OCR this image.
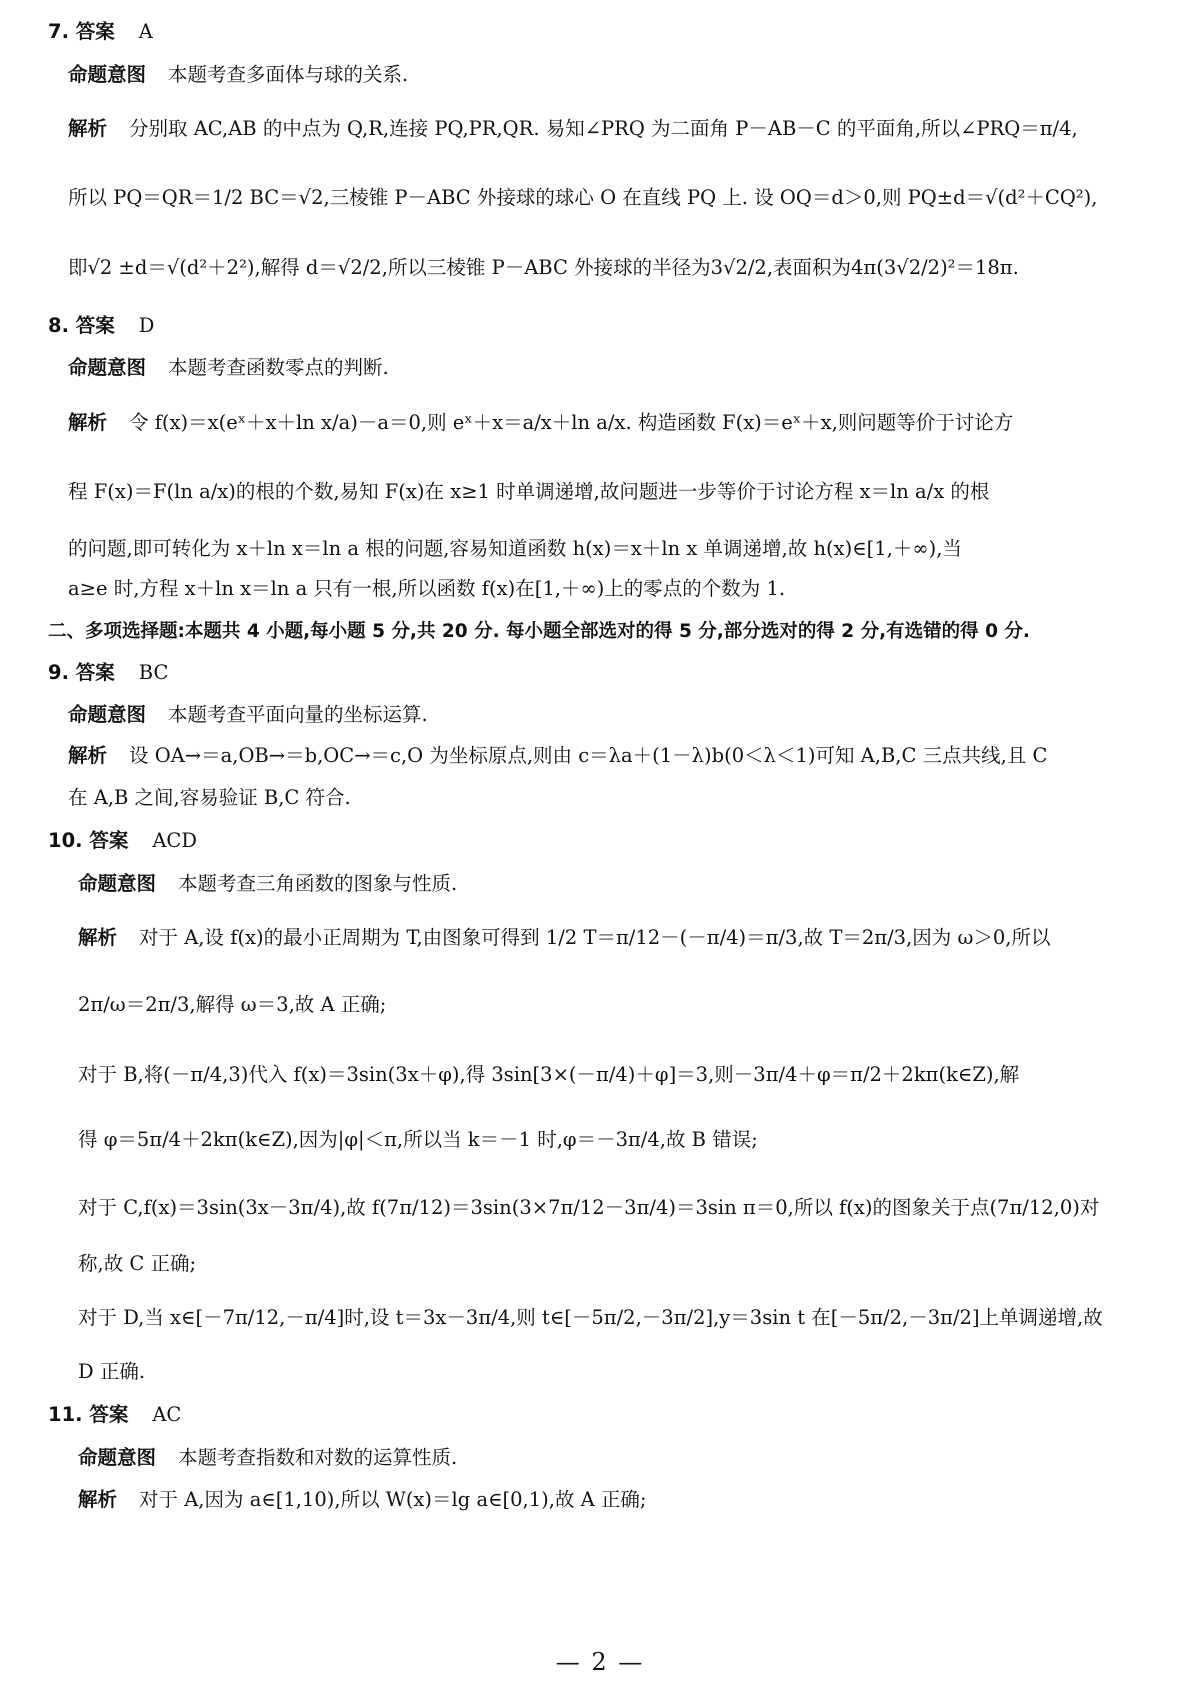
7. 答案 A
命题意图 本题考查多面体与球的关系.
解析 分别取 AC,AB 的中点为 Q,R,连接 PQ,PR,QR. 易知∠PRQ 为二面角 P－AB－C 的平面角,所以∠PRQ＝π/4,
所以 PQ＝QR＝1/2 BC＝√2,三棱锥 P－ABC 外接球的球心 O 在直线 PQ 上. 设 OQ＝d＞0,则 PQ±d＝√(d²＋CQ²),
即√2 ±d＝√(d²＋2²),解得 d＝√2/2,所以三棱锥 P－ABC 外接球的半径为3√2/2,表面积为4π(3√2/2)²＝18π.
8. 答案 D
命题意图 本题考查函数零点的判断.
解析 令 f(x)＝x(eˣ＋x＋ln x/a)－a＝0,则 eˣ＋x＝a/x＋ln a/x. 构造函数 F(x)＝eˣ＋x,则问题等价于讨论方
程 F(x)＝F(ln a/x)的根的个数,易知 F(x)在 x≥1 时单调递增,故问题进一步等价于讨论方程 x＝ln a/x 的根
的问题,即可转化为 x＋ln x＝ln a 根的问题,容易知道函数 h(x)＝x＋ln x 单调递增,故 h(x)∈[1,＋∞),当
a≥e 时,方程 x＋ln x＝ln a 只有一根,所以函数 f(x)在[1,＋∞)上的零点的个数为 1.
二、多项选择题:本题共 4 小题,每小题 5 分,共 20 分. 每小题全部选对的得 5 分,部分选对的得 2 分,有选错的得 0 分.
9. 答案 BC
命题意图 本题考查平面向量的坐标运算.
解析 设 OA→＝a,OB→＝b,OC→＝c,O 为坐标原点,则由 c＝λa＋(1－λ)b(0＜λ＜1)可知 A,B,C 三点共线,且 C
在 A,B 之间,容易验证 B,C 符合.
10. 答案 ACD
命题意图 本题考查三角函数的图象与性质.
解析 对于 A,设 f(x)的最小正周期为 T,由图象可得到 1/2 T＝π/12－(－π/4)＝π/3,故 T＝2π/3,因为 ω＞0,所以
2π/ω＝2π/3,解得 ω＝3,故 A 正确;
对于 B,将(－π/4,3)代入 f(x)＝3sin(3x＋φ),得 3sin[3×(－π/4)＋φ]＝3,则－3π/4＋φ＝π/2＋2kπ(k∈Z),解
得 φ＝5π/4＋2kπ(k∈Z),因为|φ|＜π,所以当 k＝－1 时,φ＝－3π/4,故 B 错误;
对于 C,f(x)＝3sin(3x－3π/4),故 f(7π/12)＝3sin(3×7π/12－3π/4)＝3sin π＝0,所以 f(x)的图象关于点(7π/12,0)对
称,故 C 正确;
对于 D,当 x∈[－7π/12,－π/4]时,设 t＝3x－3π/4,则 t∈[－5π/2,－3π/2],y＝3sin t 在[－5π/2,－3π/2]上单调递增,故
D 正确.
11. 答案 AC
命题意图 本题考查指数和对数的运算性质.
解析 对于 A,因为 a∈[1,10),所以 W(x)＝lg a∈[0,1),故 A 正确;
— 2 —
